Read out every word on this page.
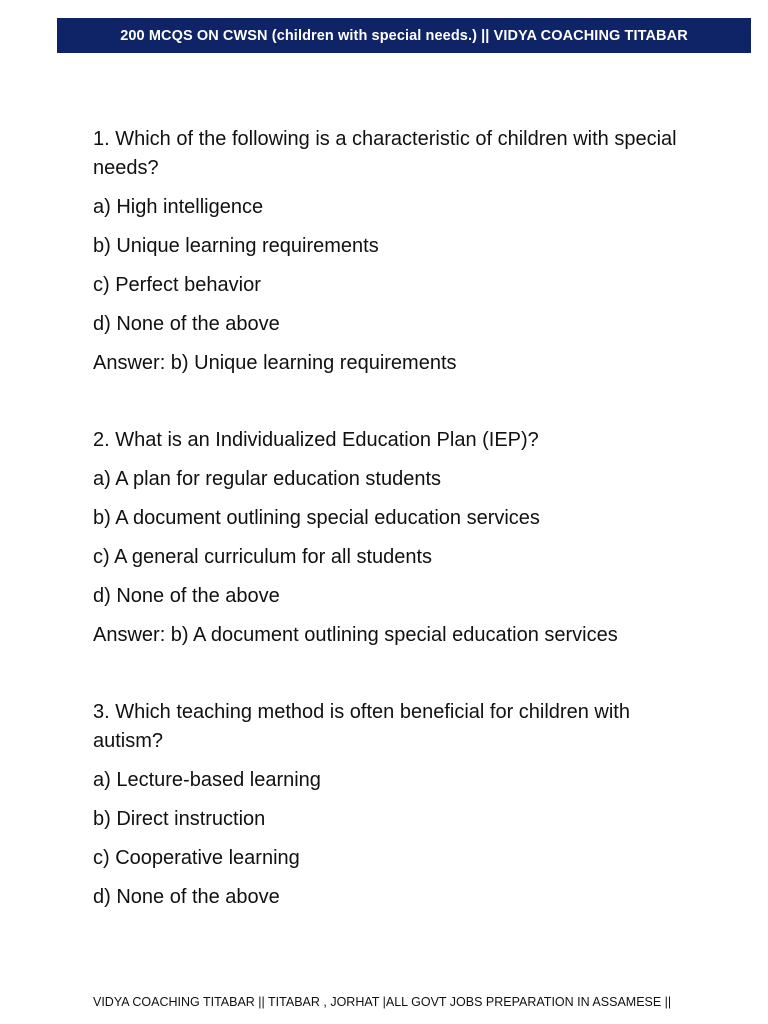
200 MCQS ON CWSN (children with special needs.) || VIDYA COACHING TITABAR

1. Which of the following is a characteristic of children with special needs?

a) High intelligence

b) Unique learning requirements

c) Perfect behavior

d) None of the above

Answer: b) Unique learning requirements

2. What is an Individualized Education Plan (IEP)?

a) A plan for regular education students

b) A document outlining special education services

c) A general curriculum for all students

d) None of the above

Answer: b) A document outlining special education services

3. Which teaching method is often beneficial for children with autism?

a) Lecture-based learning

b) Direct instruction

c) Cooperative learning

d) None of the above

VIDYA COACHING TITABAR || TITABAR , JORHAT |ALL GOVT JOBS PREPARATION IN ASSAMESE ||
